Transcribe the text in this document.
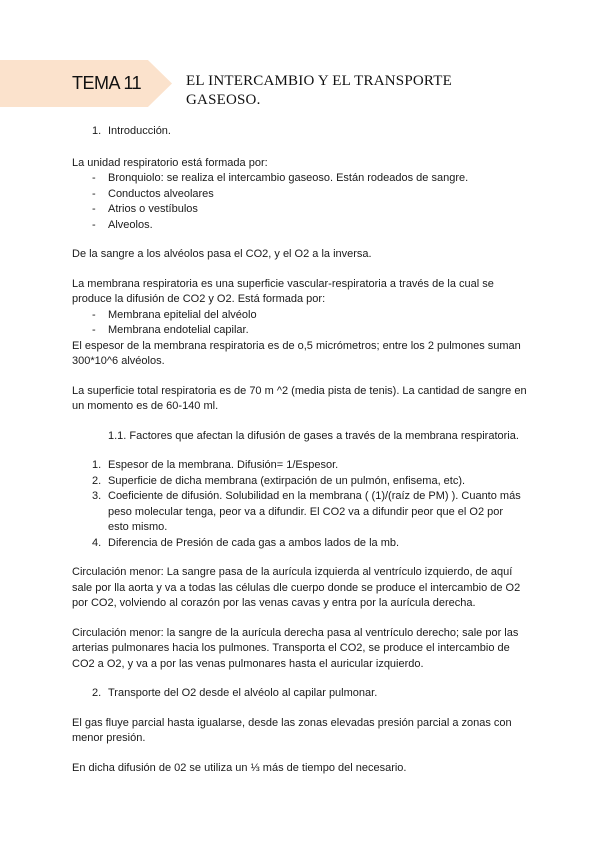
TEMA 11	EL INTERCAMBIO Y EL TRANSPORTE
GASEOSO.
1. Introducción.

La unidad respiratorio está formada por:

-	Bronquiolo: se realiza el intercambio gaseoso. Están rodeados de sangre.
-	Conductos alveolares
-	Atrios o vestíbulos
-	Alveolos.

De la sangre a los alvéolos pasa el CO2, y el O2 a la inversa.

La membrana respiratoria es una superficie vascular-respiratoria a través de la cual se

produce la difusión de CO2 y O2. Está formada por:

-	Membrana epitelial del alvéolo
-	Membrana endotelial capilar.

El espesor de la membrana respiratoria es de o,5 micrómetros; entre los 2 pulmones suman

300*10^6 alvéolos.

La superficie total respiratoria es de 70 m ^2 (media pista de tenis). La cantidad de sangre en

un momento es de 60-140 ml.

1.1. Factores que afectan la difusión de gases a través de la membrana respiratoria.
1. Espesor de la membrana. Difusión= 1/Espesor.
2. Superficie de dicha membrana (extirpación de un pulmón, enfisema, etc).
3. Coeficiente de difusión. Solubilidad en la membrana ( (1)/(raíz de PM) ). Cuanto más
peso molecular tenga, peor va a difundir. El CO2 va a difundir peor que el O2 por
esto mismo.
4. Diferencia de Presión de cada gas a ambos lados de la mb.

Circulación menor: La sangre pasa de la aurícula izquierda al ventrículo izquierdo, de aquí

sale por lla aorta y va a todas las células dle cuerpo donde se produce el intercambio de O2

por CO2, volviendo al corazón por las venas cavas y entra por la aurícula derecha.

Circulación menor: la sangre de la aurícula derecha pasa al ventrículo derecho; sale por las

arterias pulmonares hacia los pulmones. Transporta el CO2, se produce el intercambio de

CO2 a O2, y va a por las venas pulmonares hasta el auricular izquierdo.

2. Transporte del O2 desde el alvéolo al capilar pulmonar.

El gas fluye parcial hasta igualarse, desde las zonas elevadas presión parcial a zonas con

menor presión.

En dicha difusión de 02 se utiliza un ⅓ más de tiempo del necesario.
